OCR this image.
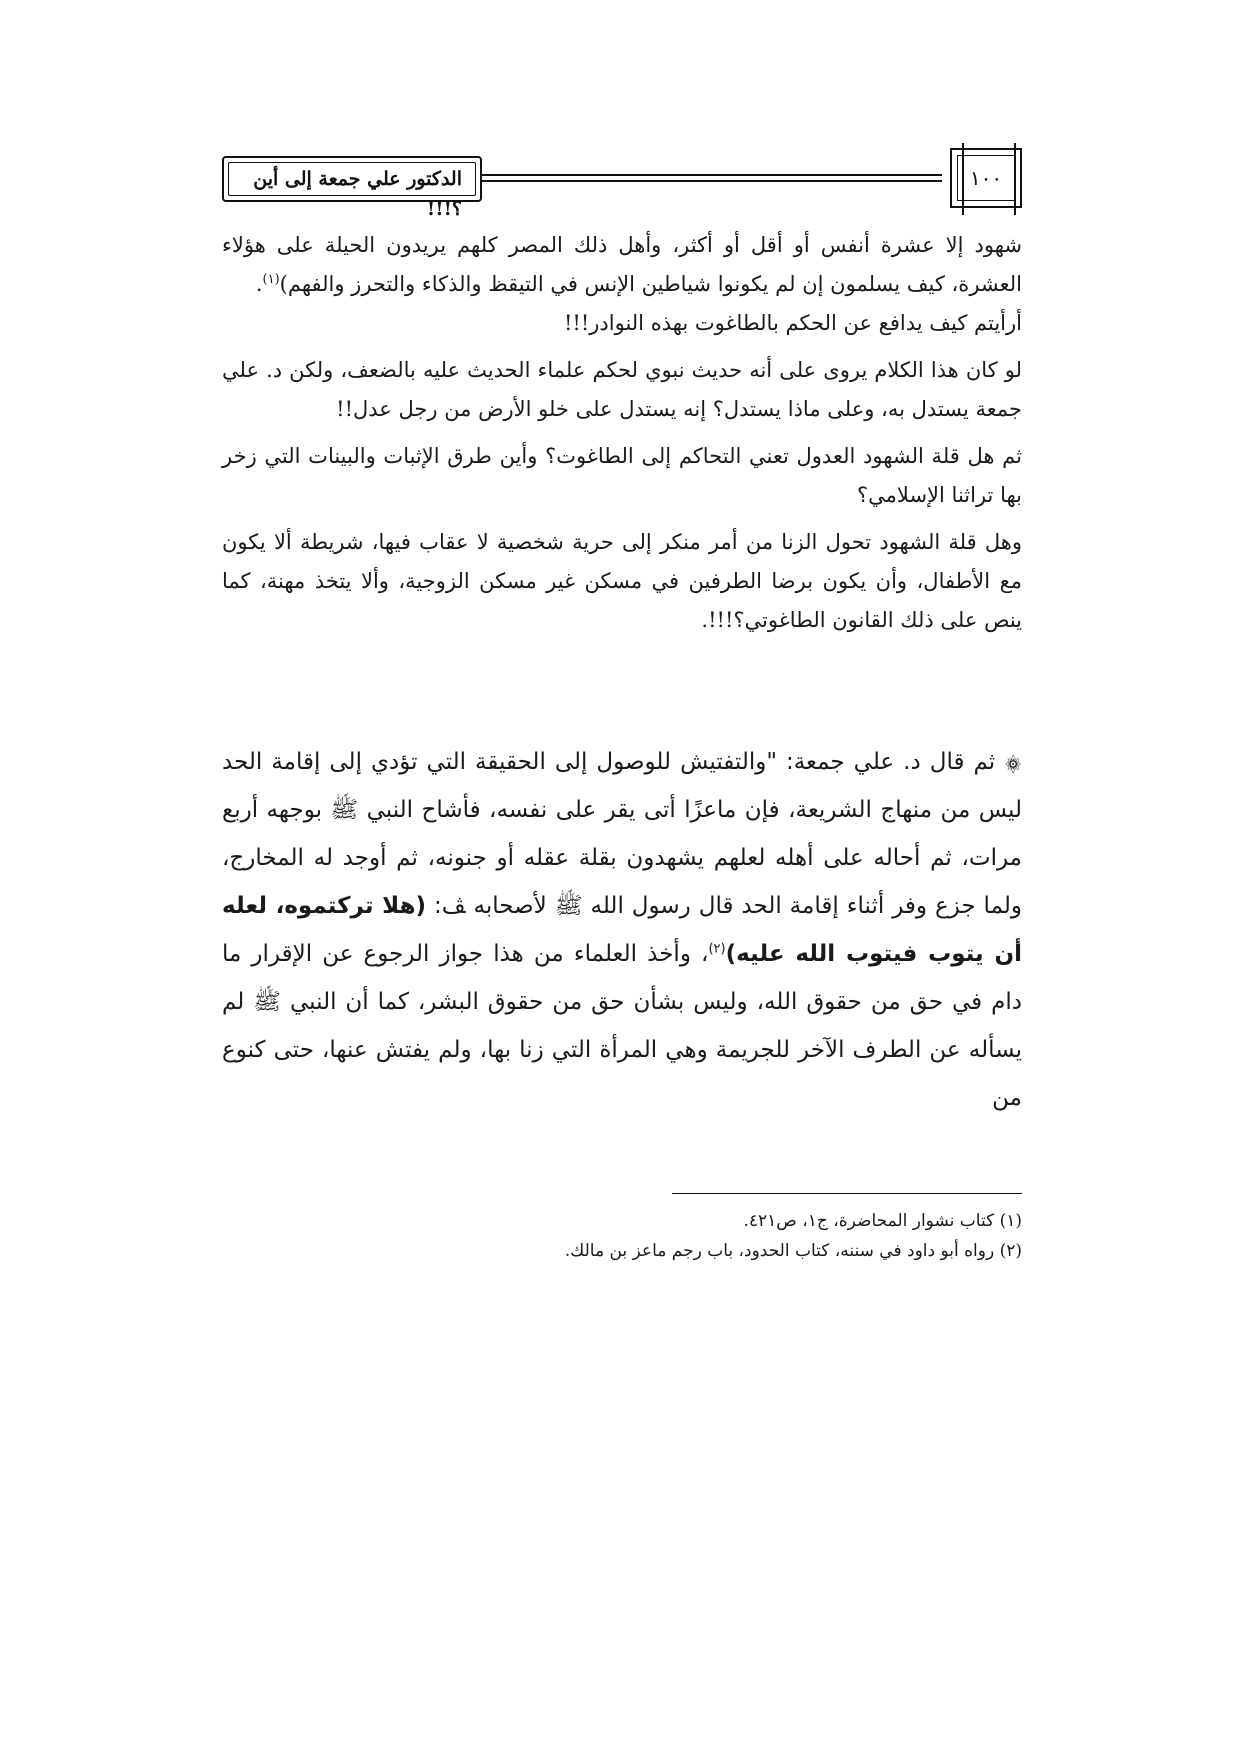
الدكتور علي جمعة إلى أين ؟!!!
١٠٠

شهود إلا عشرة أنفس أو أقل أو أكثر، وأهل ذلك المصر كلهم يريدون الحيلة على هؤلاء العشرة، كيف يسلمون إن لم يكونوا شياطين الإنس في التيقظ والذكاء والتحرز والفهم)$^{(١)}$.

أرأيتم كيف يدافع عن الحكم بالطاغوت بهذه النوادر!!!

لو كان هذا الكلام يروى على أنه حديث نبوي لحكم علماء الحديث عليه بالضعف، ولكن د. علي جمعة يستدل به، وعلى ماذا يستدل؟ إنه يستدل على خلو الأرض من رجل عدل!!

ثم هل قلة الشهود العدول تعني التحاكم إلى الطاغوت؟ وأين طرق الإثبات والبينات التي زخر بها تراثنا الإسلامي؟

وهل قلة الشهود تحول الزنا من أمر منكر إلى حرية شخصية لا عقاب فيها، شريطة ألا يكون مع الأطفال، وأن يكون برضا الطرفين في مسكن غير مسكن الزوجية، وألا يتخذ مهنة، كما ينص على ذلك القانون الطاغوتي؟!!!.

۞ ثم قال د. علي جمعة: "والتفتيش للوصول إلى الحقيقة التي تؤدي إلى إقامة الحد ليس من منهاج الشريعة، فإن ماعزًا أتى يقر على نفسه، فأشاح النبي ﷺ بوجهه أربع مرات، ثم أحاله على أهله لعلهم يشهدون بقلة عقله أو جنونه، ثم أوجد له المخارج، ولما جزع وفر أثناء إقامة الحد قال رسول الله ﷺ لأصحابه ﭫ: (هلا تركتموه، لعله أن يتوب فيتوب الله عليه)$^{(٢)}$، وأخذ العلماء من هذا جواز الرجوع عن الإقرار ما دام في حق من حقوق الله، وليس بشأن حق من حقوق البشر، كما أن النبي ﷺ لم يسأله عن الطرف الآخر للجريمة وهي المرأة التي زنا بها، ولم يفتش عنها، حتى كنوع من

(١) كتاب نشوار المحاضرة، ج١، ص٤٢١.

(٢) رواه أبو داود في سننه، كتاب الحدود، باب رجم ماعز بن مالك.
